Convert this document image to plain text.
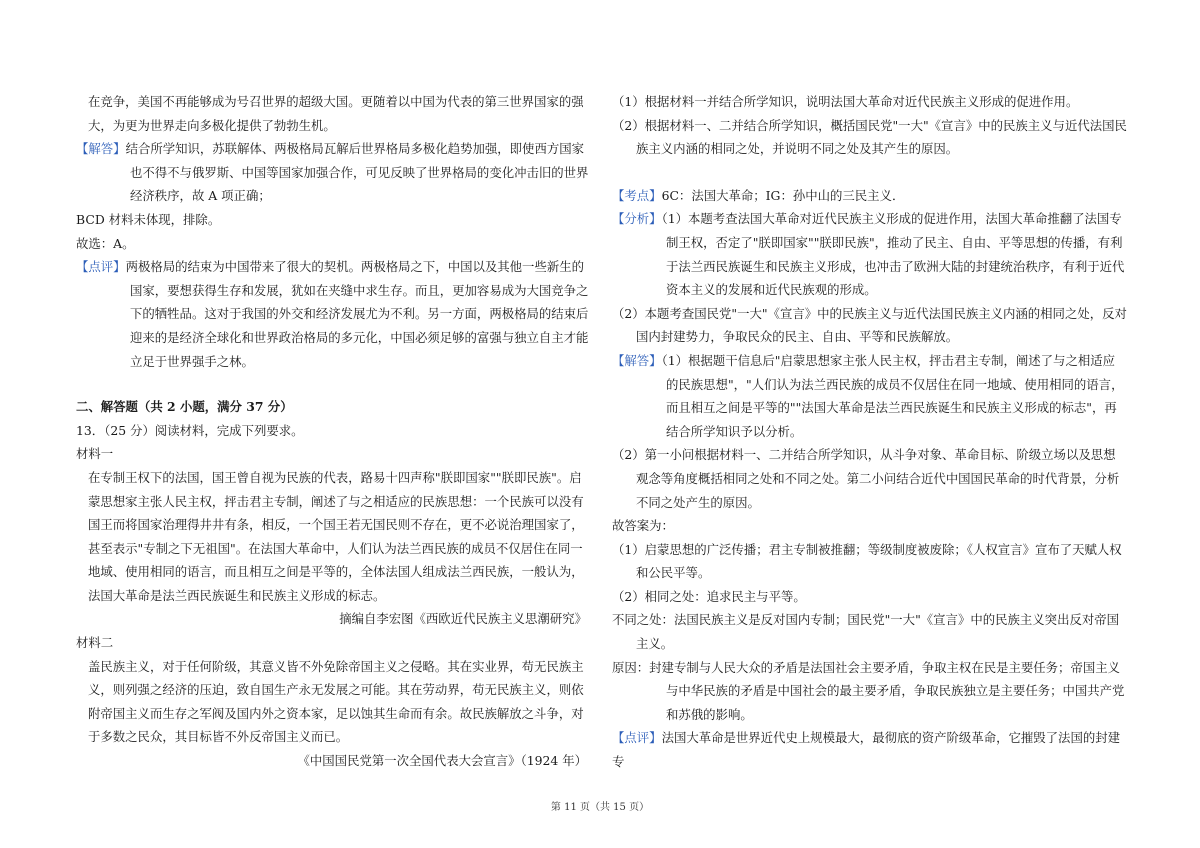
在竞争，美国不再能够成为号召世界的超级大国。更随着以中国为代表的第三世界国家的强大，为更为世界走向多极化提供了勃勃生机。

【解答】结合所学知识，苏联解体、两极格局瓦解后世界格局多极化趋势加强，即使西方国家也不得不与俄罗斯、中国等国家加强合作，可见反映了世界格局的变化冲击旧的世界经济秩序，故 A 项正确；

BCD 材料未体现，排除。

故选：A。

【点评】两极格局的结束为中国带来了很大的契机。两极格局之下，中国以及其他一些新生的国家，要想获得生存和发展，犹如在夹缝中求生存。而且，更加容易成为大国竞争之下的牺牲品。这对于我国的外交和经济发展尤为不利。另一方面，两极格局的结束后迎来的是经济全球化和世界政治格局的多元化，中国必须足够的富强与独立自主才能立足于世界强手之林。

二、解答题（共 2 小题，满分 37 分）

13．（25 分）阅读材料，完成下列要求。

材料一

在专制王权下的法国，国王曾自视为民族的代表，路易十四声称"朕即国家""朕即民族"。启蒙思想家主张人民主权，抨击君主专制，阐述了与之相适应的民族思想：一个民族可以没有国王而将国家治理得井井有条，相反，一个国王若无国民则不存在，更不必说治理国家了，甚至表示"专制之下无祖国"。在法国大革命中，人们认为法兰西民族的成员不仅居住在同一地域、使用相同的语言，而且相互之间是平等的，全体法国人组成法兰西民族，一般认为，法国大革命是法兰西民族诞生和民族主义形成的标志。

摘编自李宏图《西欧近代民族主义思潮研究》

材料二

盖民族主义，对于任何阶级，其意义皆不外免除帝国主义之侵略。其在实业界，苟无民族主义，则列强之经济的压迫，致自国生产永无发展之可能。其在劳动界，苟无民族主义，则依附帝国主义而生存之军阀及国内外之资本家，足以蚀其生命而有余。故民族解放之斗争，对于多数之民众，其目标皆不外反帝国主义而已。

《中国国民党第一次全国代表大会宣言》（1924 年）

（1）根据材料一并结合所学知识，说明法国大革命对近代民族主义形成的促进作用。

（2）根据材料一、二并结合所学知识，概括国民党"一大"《宣言》中的民族主义与近代法国民族主义内涵的相同之处，并说明不同之处及其产生的原因。

【考点】6C：法国大革命；IG：孙中山的三民主义．

【分析】（1）本题考查法国大革命对近代民族主义形成的促进作用，法国大革命推翻了法国专制王权，否定了"朕即国家""朕即民族"，推动了民主、自由、平等思想的传播，有利于法兰西民族诞生和民族主义形成，也冲击了欧洲大陆的封建统治秩序，有利于近代资本主义的发展和近代民族观的形成。

（2）本题考查国民党"一大"《宣言》中的民族主义与近代法国民族主义内涵的相同之处，反对国内封建势力，争取民众的民主、自由、平等和民族解放。

【解答】（1）根据题干信息后"启蒙思想家主张人民主权，抨击君主专制，阐述了与之相适应的民族思想"，"人们认为法兰西民族的成员不仅居住在同一地域、使用相同的语言，而且相互之间是平等的""法国大革命是法兰西民族诞生和民族主义形成的标志"，再结合所学知识予以分析。

（2）第一小问根据材料一、二并结合所学知识，从斗争对象、革命目标、阶级立场以及思想观念等角度概括相同之处和不同之处。第二小问结合近代中国国民革命的时代背景，分析不同之处产生的原因。

故答案为：

（1）启蒙思想的广泛传播；君主专制被推翻；等级制度被废除；《人权宣言》宣布了天赋人权和公民平等。

（2）相同之处：追求民主与平等。

不同之处：法国民族主义是反对国内专制；国民党"一大"《宣言》中的民族主义突出反对帝国主义。

原因：封建专制与人民大众的矛盾是法国社会主要矛盾，争取主权在民是主要任务；帝国主义与中华民族的矛盾是中国社会的最主要矛盾，争取民族独立是主要任务；中国共产党和苏俄的影响。

【点评】法国大革命是世界近代史上规模最大，最彻底的资产阶级革命，它摧毁了法国的封建专

第 11 页（共 15 页）
